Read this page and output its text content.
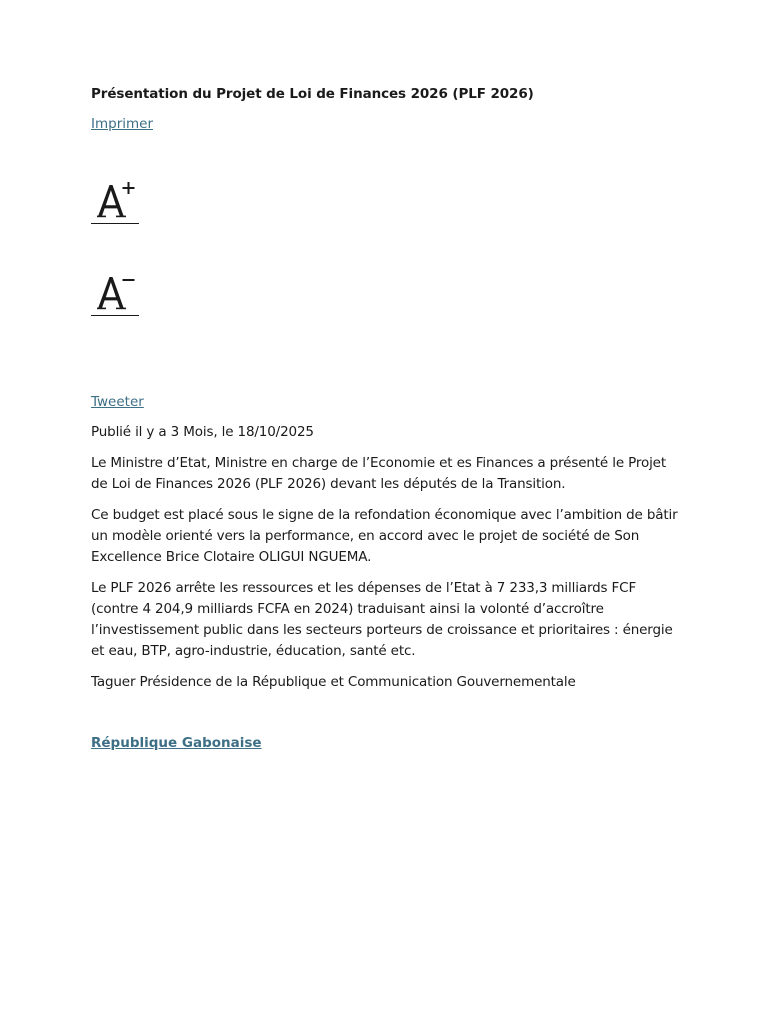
Présentation du Projet de Loi de Finances 2026 (PLF 2026)
Imprimer
Tweeter

Publié il y a 3 Mois, le 18/10/2025

Le Ministre d’Etat, Ministre en charge de l’Economie et es Finances a présenté le Projet de Loi de Finances 2026 (PLF 2026) devant les députés de la Transition.

Ce budget est placé sous le signe de la refondation économique avec l’ambition de bâtir un modèle orienté vers la performance, en accord avec le projet de société de Son Excellence Brice Clotaire OLIGUI NGUEMA.

Le PLF 2026 arrête les ressources et les dépenses de l’Etat à 7 233,3 milliards FCF (contre 4 204,9 milliards FCFA en 2024) traduisant ainsi la volonté d’accroître l’investissement public dans les secteurs porteurs de croissance et prioritaires : énergie et eau, BTP, agro-industrie, éducation, santé etc.

Taguer Présidence de la République et Communication Gouvernementale

République Gabonaise
